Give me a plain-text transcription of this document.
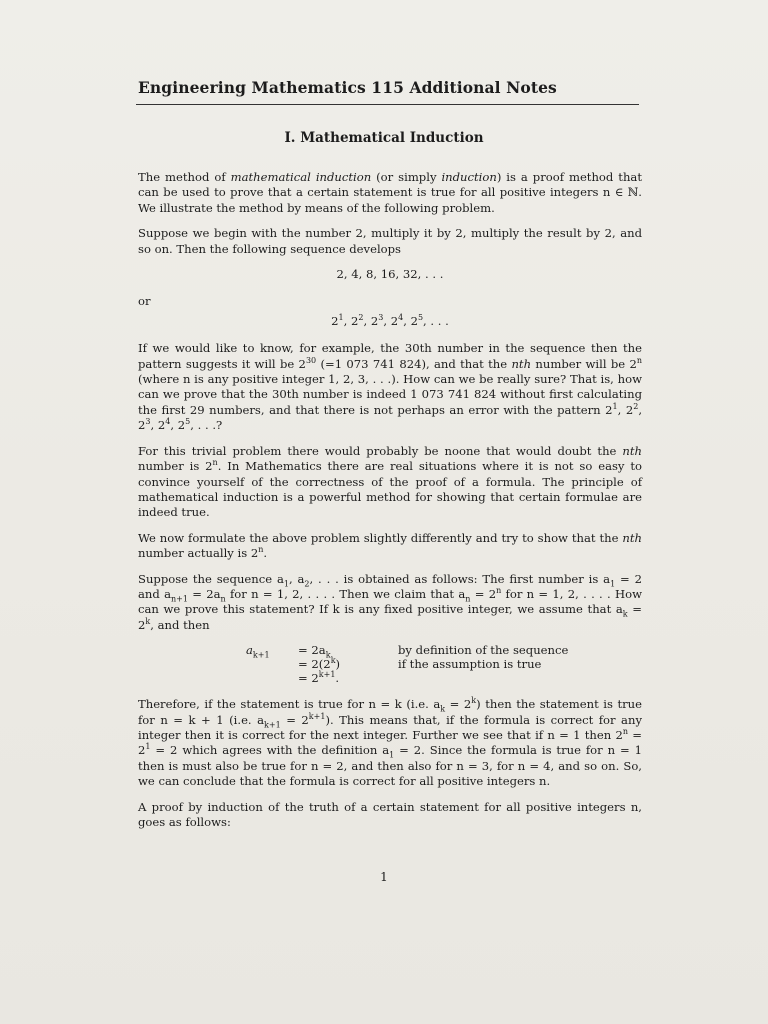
Engineering Mathematics 115 Additional Notes
I. Mathematical Induction

The method of mathematical induction (or simply induction) is a proof method that can be used to prove that a certain statement is true for all positive integers n ∈ ℕ. We illustrate the method by means of the following problem.

Suppose we begin with the number 2, multiply it by 2, multiply the result by 2, and so on. Then the following sequence develops

2, 4, 8, 16, 32, . . .
or
$2^1$, $2^2$, $2^3$, $2^4$, $2^5$, . . .

If we would like to know, for example, the 30th number in the sequence then the pattern suggests it will be $2^{30}$ (=1 073 741 824), and that the nth number will be 2$^n$ (where n is any positive integer 1, 2, 3, . . .). How can we be really sure? That is, how can we prove that the 30th number is indeed 1 073 741 824 without first calculating the first 29 numbers, and that there is not perhaps an error with the pattern $2^1$, $2^2$, $2^3$, $2^4$, $2^5$, . . .?

For this trivial problem there would probably be noone that would doubt the nth number is 2$^n$. In Mathematics there are real situations where it is not so easy to convince yourself of the correctness of the proof of a formula. The principle of mathematical induction is a powerful method for showing that certain formulae are indeed true.

We now formulate the above problem slightly differently and try to show that the nth number actually is 2$^n$.

Suppose the sequence $a_1$, $a_2$, . . . is obtained as follows: The first number is $a_1 = 2$ and $a_{n+1} = 2a_n$ for n = 1, 2, . . . . Then we claim that $a_n = 2^n$ for n = 1, 2, . . . . How can we prove this statement? If k is any fixed positive integer, we assume that $a_k = 2^k$, and then

$a_{k+1}$	= $2a_k$	by definition of the sequence
	= $2(2^k)$	if the assumption is true
	= $2^{k+1}$.	

Therefore, if the statement is true for n = k (i.e. $a_k = 2^k$) then the statement is true for n = k + 1 (i.e. $a_{k+1} = 2^{k+1}$). This means that, if the formula is correct for any integer then it is correct for the next integer. Further we see that if n = 1 then $2^n = 2^1 = 2$ which agrees with the definition $a_1 = 2$. Since the formula is true for n = 1 then is must also be true for n = 2, and then also for n = 3, for n = 4, and so on. So, we can conclude that the formula is correct for all positive integers n.

A proof by induction of the truth of a certain statement for all positive integers n, goes as follows:

1
